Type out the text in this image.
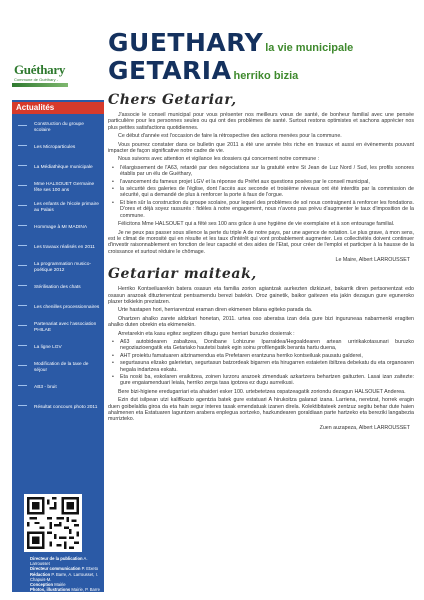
Guéthary
Commune de Guéthary -
GUETHARY la vie municipale
GETARIA herriko bizia
Actualités
Construction du groupe scolaire
Les Microparticules
La Médiathèque municipale
Mme HALSOUET Germaine fête ses 100 ans
Les enfants de l'école primaire au Palais
Hommage à Mr MADINA
Les travaux réalisés en 2011
La programmation musico-poétique 2012
Stérilisation des chats
Les chenilles processionnaires
Partenariat avec l'association PHILAE
La ligne LGV
Modification de la taxe de séjour
AB3 - bruit
Résultat concours photo 2011
Directeur de la publication A. Larrousset
Directeur communication P. Etxeto
Rédaction P. Barre, A. Larrousset, I. Chapuis-M.
Conception Mairie
Photos, illustrations Mairie, P. Barre
Impression Imprimerie XX
Chers Getariar,

J'associe le conseil municipal pour vous présenter nos meilleurs vœux de santé, de bonheur familial avec une pensée particulière pour les personnes seules ou qui ont des problèmes de santé. Surtout restons optimistes et sachons apprécier nos plus petites satisfactions quotidiennes.

Ce début d'année est l'occasion de faire la rétrospective des actions menées pour la commune.

Vous pourrez constater dans ce bulletin que 2011 a été une année très riche en travaux et aussi en évènements pouvant impacter de façon significative notre cadre de vie.

Nous suivons avec attention et vigilance les dossiers qui concernent notre commune :

• l'élargissement de l'A63, retardé par des négociations sur la gratuité entre St Jean de Luz Nord / Sud, les profils sonores établis par un élu de Guéthary,
• l'avancement du fameux projet LGV et la réponse du Préfet aux questions posées par le conseil municipal,
• la sécurité des galeries de l'église, dont l'accès aux seconde et troisième niveaux ont été interdits par la commission de sécurité, qui a demandé de plus à renforcer la porte à faux de l'orgue.
• Et bien sûr la construction du groupe scolaire, pour lequel des problèmes de sol nous contraignent à renforcer les fondations. D'ores et déjà soyez rassurés : fidèles à notre engagement, nous n'avons pas prévu d'augmenter le taux d'imposition de la commune.

Félicitons Mme HALSOUET qui a fêté ses 100 ans grâce à une hygiène de vie exemplaire et à son entourage familial.

Je ne peux pas passer sous silence la perte du triple A de notre pays, par une agence de notation. Le plus grave, à mon sens, est le climat de morosité qui en résulte et les taux d'intérêt qui vont probablement augmenter. Les collectivités doivent continuer d'investir raisonnablement en fonction de leur capacité et des aides de l'Etat, pour créer de l'emploi et participer à la hausse de la croissance et surtout réduire le chômage.

Le Maire, Albert LARROUSSET
Getariar maiteak,

Herriko Kontseiluarekin batera osasun eta familia zorion agiantzak aurkezten dizkizuet, bakarrik diren pertsonentzat edo osasun arazoak dituztenentzat pentsamendu berezi batekin. Oroz gainetik, baikor gaitezen eta jakin dezagun gure eguneroko plazer txikiekin preziatzen.

Urte hastapen hori, herriarentzat eraman diren ekimenen bilana egiteko parada da.

Ohartzen ahalko zarete aldizkari honetan, 2011. urtea oso aberatsa izan dela gure bizi inguruneaa nabarmenki eragiten ahalko duten obrekin eta ekimenekin.

Arretarekin eta kasu egitez segitzen ditugu gure herriari buruzko dosierrak :

• A63 autobidearen zabaltzea, Donibane Lohizune Iparraldea/Hegoaldearen artean urririkakotasunari buruzko negoziazioengatik eta Getariako hautetsi batek egin soinu profilengatik beranta hartu duena,
• AHT proiektu famatuaren aitzinamendua eta Prefetaren erantzuna herriko kontseiluak pausatu galderei,
• segurtasuna elizako galerietan, segurtasun batzordeak bigarren eta hirugarren estaieten ibiltzea debekatu du eta organoaren hegala indartzea eskatu.
• Eta noski ba, eskolaren eraikitzea, zoinen lurzoru arazoek zimenduak azkartzera behartzen gaituzten. Lasai izan zaitezte: gure engaiamenduari leiala, herriko zerga tasa igotzea ez dugu aurreikusi.

Bere bizi-higiene eredugarriari eta ahaideri esker 100. urtebetetzea ospatzeagatik zoriondu dezagun HALSOUET Anderea.

Ezin dut isilpean utzi kalifikazio agentzia batek gure estatuari A hirukoitza galarazi izana. Larriena, neretzat, horrek eragin duen goibelaldia giroa da eta hain segur interes tasak emendatuak izanen direla. Kolektibitateek zentzuz segitu behar dute haien ahalmenen eta Estatuaren laguntzen arabera enplegua sortzeko, hazkundearen goraldiaan parte hartzeko eta bereziki langabezia murrizteko.

Zuen auzapeza, Albert LARROUSSET
